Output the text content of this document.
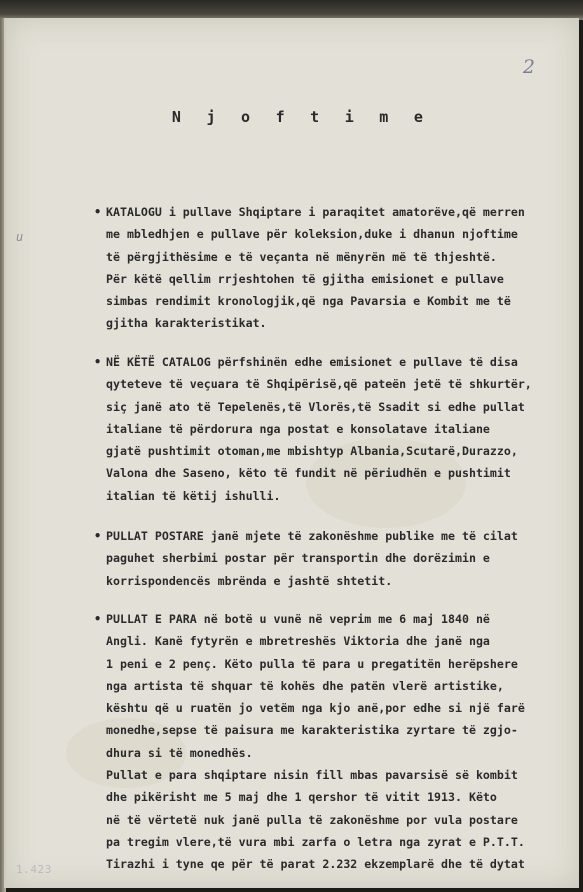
2
N j o f t i m e
u
• KATALOGU i pullave Shqiptare i paraqitet amatorëve,që merren
me mbledhjen e pullave për koleksion,duke i dhanun njoftime
të përgjithësime e të veçanta në mënyrën më të thjeshtë.
Për këtë qellim rrjeshtohen të gjitha emisionet e pullave
simbas rendimit kronologjik,që nga Pavarsia e Kombit me të
gjitha karakteristikat.
• NË KËTË CATALOG përfshinën edhe emisionet e pullave të disa
qyteteve të veçuara të Shqipërisë,që pateën jetë të shkurtër,
siç janë ato të Tepelenës,të Vlorës,të Ssadit si edhe pullat
italiane të përdorura nga postat e konsolatave italiane
gjatë pushtimit otoman,me mbishtyp Albania,Scutarë,Durazzo,
Valona dhe Saseno, këto të fundit në përiudhën e pushtimit
italian të këtij ishulli.
• PULLAT POSTARE janë mjete të zakonëshme publike me të cilat
paguhet sherbimi postar për transportin dhe dorëzimin e
korrispondencës mbrënda e jashtë shtetit.
• PULLAT E PARA në botë u vunë në veprim me 6 maj 1840 në
Angli. Kanë fytyrën e mbretreshës Viktoria dhe janë nga
1 peni e 2 penç. Këto pulla të para u pregatitën herëpshere
nga artista të shquar të kohës dhe patën vlerë artistike,
kështu që u ruatën jo vetëm nga kjo anë,por edhe si një farë
monedhe,sepse të paisura me karakteristika zyrtare të zgjo-
dhura si të monedhës.
Pullat e para shqiptare nisin fill mbas pavarsisë së kombit
dhe pikërisht me 5 maj dhe 1 qershor të vitit 1913. Këto
në të vërtetë nuk janë pulla të zakonëshme por vula postare
pa tregim vlere,të vura mbi zarfa o letra nga zyrat e P.T.T.
Tirazhi i tyne qe për të parat 2.232 ekzemplarë dhe të dytat
1.423
